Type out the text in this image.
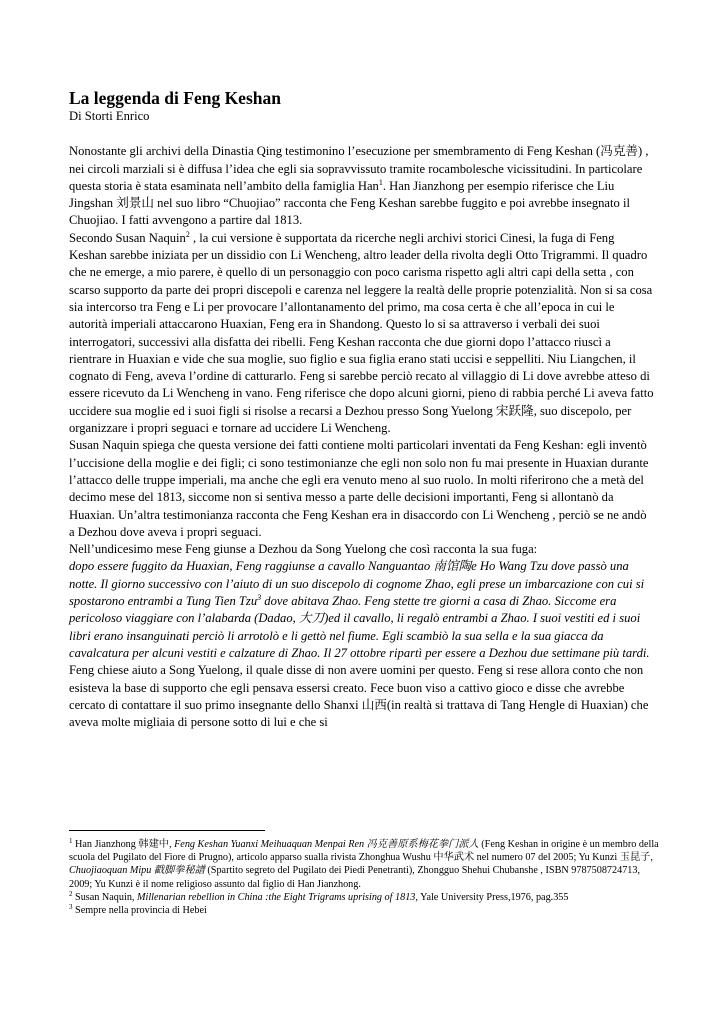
La leggenda di Feng Keshan

Di Storti Enrico

Nonostante gli archivi della Dinastia Qing testimonino l’esecuzione per smembramento di Feng Keshan (冯克善) , nei circoli marziali si è diffusa l’idea che egli sia sopravvissuto tramite rocambolesche vicissitudini. In particolare questa storia è stata esaminata nell’ambito della famiglia Han$^1$. Han Jianzhong per esempio riferisce che Liu Jingshan 刘景山 nel suo libro “Chuojiao” racconta che Feng Keshan sarebbe fuggito e poi avrebbe insegnato il Chuojiao. I fatti avvengono a partire dal 1813.

Secondo Susan Naquin$^2$ , la cui versione è supportata da ricerche negli archivi storici Cinesi, la fuga di Feng Keshan sarebbe iniziata per un dissidio con Li Wencheng, altro leader della rivolta degli Otto Trigrammi. Il quadro che ne emerge, a mio parere, è quello di un personaggio con poco carisma rispetto agli altri capi della setta , con scarso supporto da parte dei propri discepoli e carenza nel leggere la realtà delle proprie potenzialità. Non si sa cosa sia intercorso tra Feng e Li per provocare l’allontanamento del primo, ma cosa certa è che all’epoca in cui le autorità imperiali attaccarono Huaxian, Feng era in Shandong. Questo lo si sa attraverso i verbali dei suoi interrogatori, successivi alla disfatta dei ribelli. Feng Keshan racconta che due giorni dopo l’attacco riuscì a rientrare in Huaxian e vide che sua moglie, suo figlio e sua figlia erano stati uccisi e seppelliti. Niu Liangchen, il cognato di Feng, aveva l’ordine di catturarlo. Feng si sarebbe perciò recato al villaggio di Li dove avrebbe atteso di essere ricevuto da Li Wencheng in vano. Feng riferisce che dopo alcuni giorni, pieno di rabbia perché Li aveva fatto uccidere sua moglie ed i suoi figli si risolse a recarsi a Dezhou presso Song Yuelong 宋跃隆, suo discepolo, per organizzare i propri seguaci e tornare ad uccidere Li Wencheng.

Susan Naquin spiega che questa versione dei fatti contiene molti particolari inventati da Feng Keshan: egli inventò l’uccisione della moglie e dei figli; ci sono testimonianze che egli non solo non fu mai presente in Huaxian durante l’attacco delle truppe imperiali, ma anche che egli era venuto meno al suo ruolo. In molti riferirono che a metà del decimo mese del 1813, siccome non si sentiva messo a parte delle decisioni importanti, Feng si allontanò da Huaxian. Un’altra testimonianza racconta che Feng Keshan era in disaccordo con Li Wencheng , perciò se ne andò a Dezhou dove aveva i propri seguaci.

Nell’undicesimo mese Feng giunse a Dezhou da Song Yuelong che così racconta la sua fuga:

dopo essere fuggito da Huaxian, Feng raggiunse a cavallo Nanguantao 南馆陶e Ho Wang Tzu dove passò una notte. Il giorno successivo con l’aiuto di un suo discepolo di cognome Zhao, egli prese un imbarcazione con cui si spostarono entrambi a Tung Tien Tzu$^3$ dove abitava Zhao. Feng stette tre giorni a casa di Zhao. Siccome era pericoloso viaggiare con l’alabarda (Dadao, 大刀)ed il cavallo, li regalò entrambi a Zhao. I suoi vestiti ed i suoi libri erano insanguinati perciò li arrotolò e li gettò nel fiume. Egli scambiò la sua sella e la sua giacca da cavalcatura per alcuni vestiti e calzature di Zhao. Il 27 ottobre ripartì per essere a Dezhou due settimane più tardi.

Feng chiese aiuto a Song Yuelong, il quale disse di non avere uomini per questo. Feng si rese allora conto che non esisteva la base di supporto che egli pensava essersi creato. Fece buon viso a cattivo gioco e disse che avrebbe cercato di contattare il suo primo insegnante dello Shanxi 山西(in realtà si trattava di Tang Hengle di Huaxian) che aveva molte migliaia di persone sotto di lui e che si

$^1$ Han Jianzhong 韩建中, Feng Keshan Yuanxi Meihuaquan Menpai Ren 冯克善原系梅花拳门派人 (Feng Keshan in origine è un membro della scuola del Pugilato del Fiore di Prugno), articolo apparso sualla rivista Zhonghua Wushu 中华武术 nel numero 07 del 2005; Yu Kunzi 玉昆子, Chuojiaoquan Mipu 戳脚拳秘譜 (Spartito segreto del Pugilato dei Piedi Penetranti), Zhongguo Shehui Chubanshe , ISBN 9787508724713, 2009; Yu Kunzi è il nome religioso assunto dal figlio di Han Jianzhong.

$^2$ Susan Naquin, Millenarian rebellion in China :the Eight Trigrams uprising of 1813, Yale University Press,1976, pag.355

$^3$ Sempre nella provincia di Hebei
